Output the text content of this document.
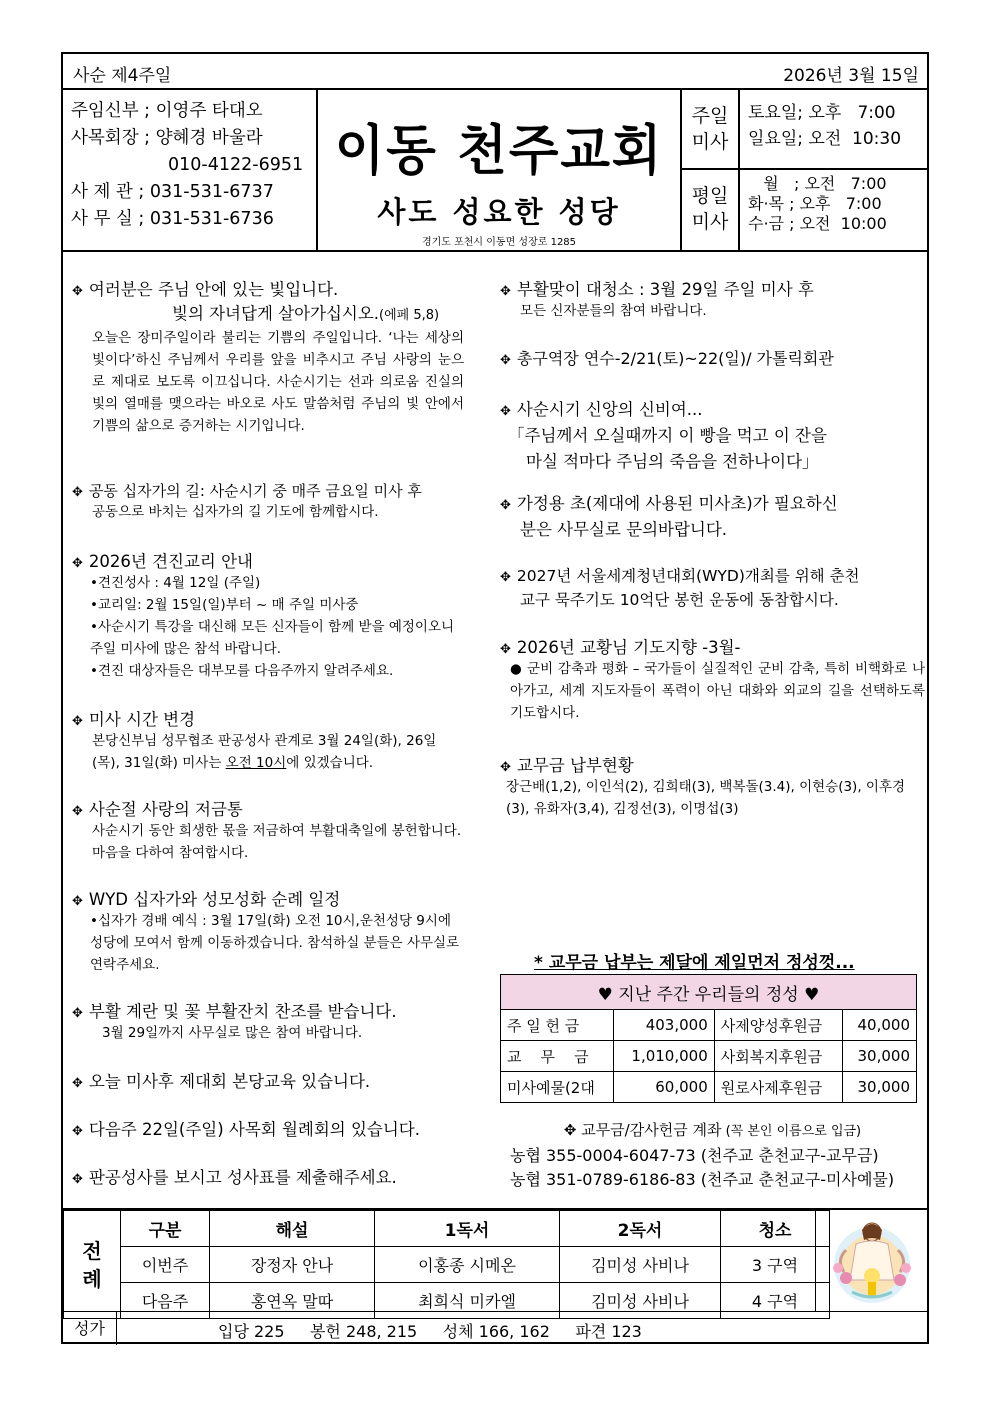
사순 제4주일	2026년 3월 15일
주임신부 ; 이영주 타대오
사목회장 ; 양혜경 바울라
010-4122-6951
사 제 관 ; 031-531-6737
사 무 실 ; 031-531-6736
이동 천주교회
사도 성요한 성당
경기도 포천시 이동면 성장로 1285
주일
미사
토요일; 오후   7:00
일요일; 오전  10:30
평일
미사
월   ; 오전   7:00
화·목 ; 오후   7:00
수·금 ; 오전  10:00
✥ 여러분은 주님 안에 있는 빛입니다.
빛의 자녀답게 살아가십시오.(에페 5,8)
오늘은 장미주일이라 불리는 기쁨의 주일입니다. ‘나는 세상의 빛이다’하신 주님께서 우리를 앞을 비추시고 주님 사랑의 눈으로 제대로 보도록 이끄십니다. 사순시기는 선과 의로움 진실의 빛의 열매를 맺으라는 바오로 사도 말씀처럼 주님의 빛 안에서 기쁨의 삶으로 증거하는 시기입니다.
✥ 공동 십자가의 길: 사순시기 중 매주 금요일 미사 후
공동으로 바치는 십자가의 길 기도에 함께합시다.
✥ 2026년 견진교리 안내
•견진성사 : 4월 12일 (주일)
•교리일: 2월 15일(일)부터 ~ 매 주일 미사중
•사순시기 특강을 대신해 모든 신자들이 함께 받을 예정이오니 주일 미사에 많은 참석 바랍니다.
•견진 대상자들은 대부모를 다음주까지 알려주세요.
✥ 미사 시간 변경
본당신부님 성무협조 판공성사 관계로 3월 24일(화), 26일(목), 31일(화) 미사는 오전 10시에 있겠습니다.
✥ 사순절 사랑의 저금통
사순시기 동안 희생한 몫을 저금하여 부활대축일에 봉헌합니다. 마음을 다하여 참여합시다.
✥ WYD 십자가와 성모성화 순례 일정
•십자가 경배 예식 : 3월 17일(화) 오전 10시,운천성당 9시에 성당에 모여서 함께 이동하겠습니다. 참석하실 분들은 사무실로 연락주세요.
✥ 부활 계란 및 꽃 부활잔치 찬조를 받습니다.
3월 29일까지 사무실로 많은 참여 바랍니다.
✥ 오늘 미사후 제대회 본당교육 있습니다.
✥ 다음주 22일(주일) 사목회 월례회의 있습니다.
✥ 판공성사를 보시고 성사표를 제출해주세요.
✥ 부활맞이 대청소 : 3월 29일 주일 미사 후
모든 신자분들의 참여 바랍니다.
✥ 총구역장 연수-2/21(토)~22(일)/ 가톨릭회관
✥ 사순시기 신앙의 신비여...
「주님께서 오실때까지 이 빵을 먹고 이 잔을
마실 적마다 주님의 죽음을 전하나이다」
✥ 가정용 초(제대에 사용된 미사초)가 필요하신
분은 사무실로 문의바랍니다.
✥ 2027년 서울세계청년대회(WYD)개최를 위해 춘천
교구 묵주기도 10억단 봉헌 운동에 동참합시다.
✥ 2026년 교황님 기도지향 -3월-
● 군비 감축과 평화 – 국가들이 실질적인 군비 감축, 특히 비핵화로 나아가고, 세계 지도자들이 폭력이 아닌 대화와 외교의 길을 선택하도록 기도합시다.
✥ 교무금 납부현황
장근배(1,2), 이인석(2), 김희태(3), 백복돌(3.4), 이현승(3), 이후경(3), 유화자(3,4), 김정선(3), 이명섭(3)
* 교무금 납부는 제달에 제일먼저 정성껏...
♥ 지난 주간 우리들의 정성 ♥			
주 일 헌 금	403,000	사제양성후원금	40,000
교    무    금	1,010,000	사회복지후원금	30,000
미사예물(2대	60,000	원로사제후원금	30,000
✥ 교무금/감사헌금 계좌 (꼭 본인 이름으로 입금)
농협 355-0004-6047-73 (천주교 춘천교구-교무금)
농협 351-0789-6186-83 (천주교 춘천교구-미사예물)
전
례	구분	해설	1독서	2독서	청소
	이번주	장정자 안나	이홍종 시메온	김미성 사비나	3 구역
	다음주	홍연옥 말따	최희식 미카엘	김미성 사비나	4 구역
성가	입당 225     봉헌 248, 215     성체 166, 162     파견 123
